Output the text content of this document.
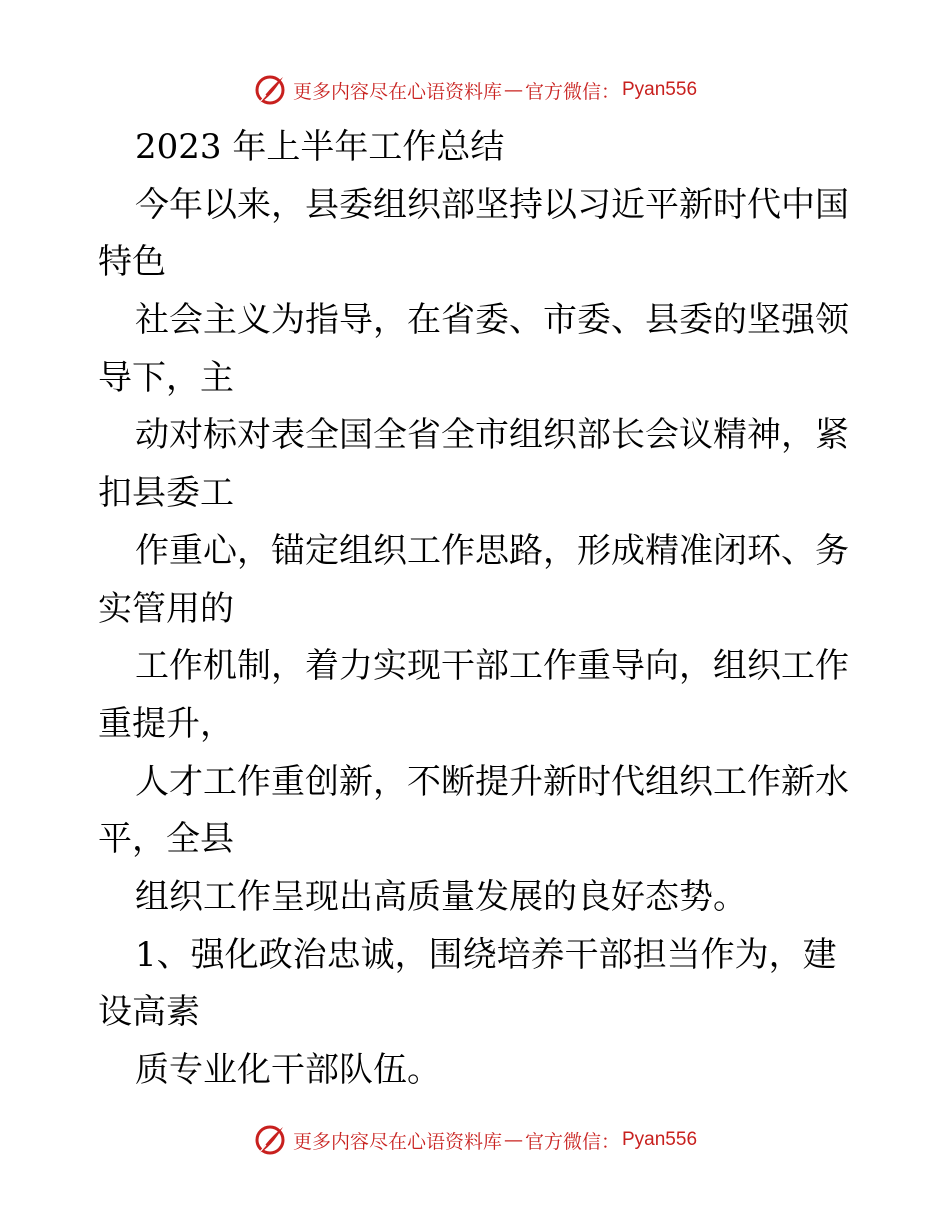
更多内容尽在心语资料库 — 官方微信： Pyan556
2023 年上半年工作总结
今年以来，县委组织部坚持以习近平新时代中国
特色
社会主义为指导，在省委、市委、县委的坚强领
导下，主
动对标对表全国全省全市组织部长会议精神，紧
扣县委工
作重心，锚定组织工作思路，形成精准闭环、务
实管用的
工作机制，着力实现干部工作重导向，组织工作
重提升，
人才工作重创新，不断提升新时代组织工作新水
平，全县
组织工作呈现出高质量发展的良好态势。
1、强化政治忠诚，围绕培养干部担当作为，建
设高素
质专业化干部队伍。
更多内容尽在心语资料库 — 官方微信： Pyan556
